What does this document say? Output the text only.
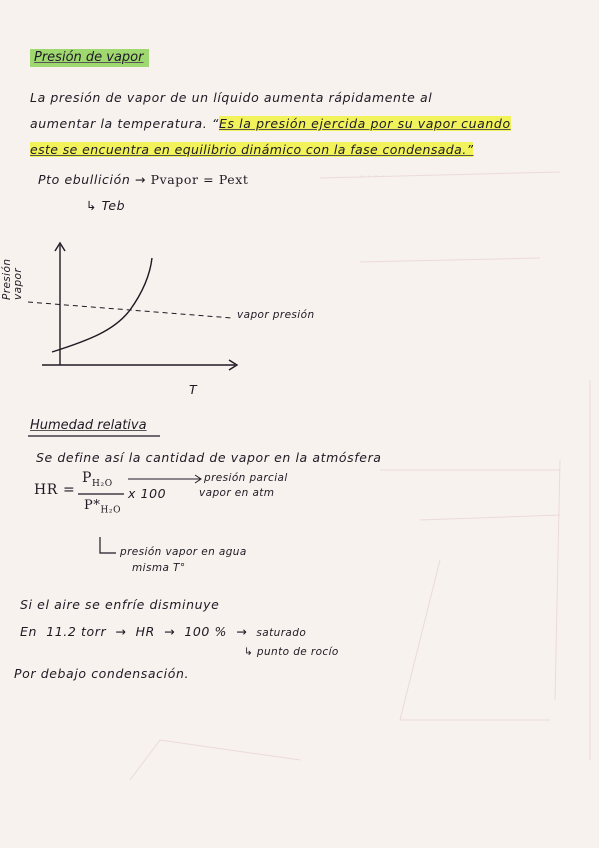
· · · ·
Presión de vapor
La presión de vapor de un líquido aumenta rápidamente al
aumentar la temperatura. “Es la presión ejercida por su vapor cuando
este se encuentra en equilibrio dinámico con la fase condensada.”
Pto ebullición → Pvapor = Pext
↳ Teb
Presión vapor
vapor presión
T
Humedad relativa
Se define así la cantidad de vapor en la atmósfera
HR =
$P_{H_2O}$
$P*_{H_2O}$
x 100
presión parcial
vapor en atm
presión vapor en agua
misma T°
Si el aire se enfríe disminuye
En 11.2 torr → HR → 100 % → saturado
↳ punto de rocío
Por debajo condensación.
